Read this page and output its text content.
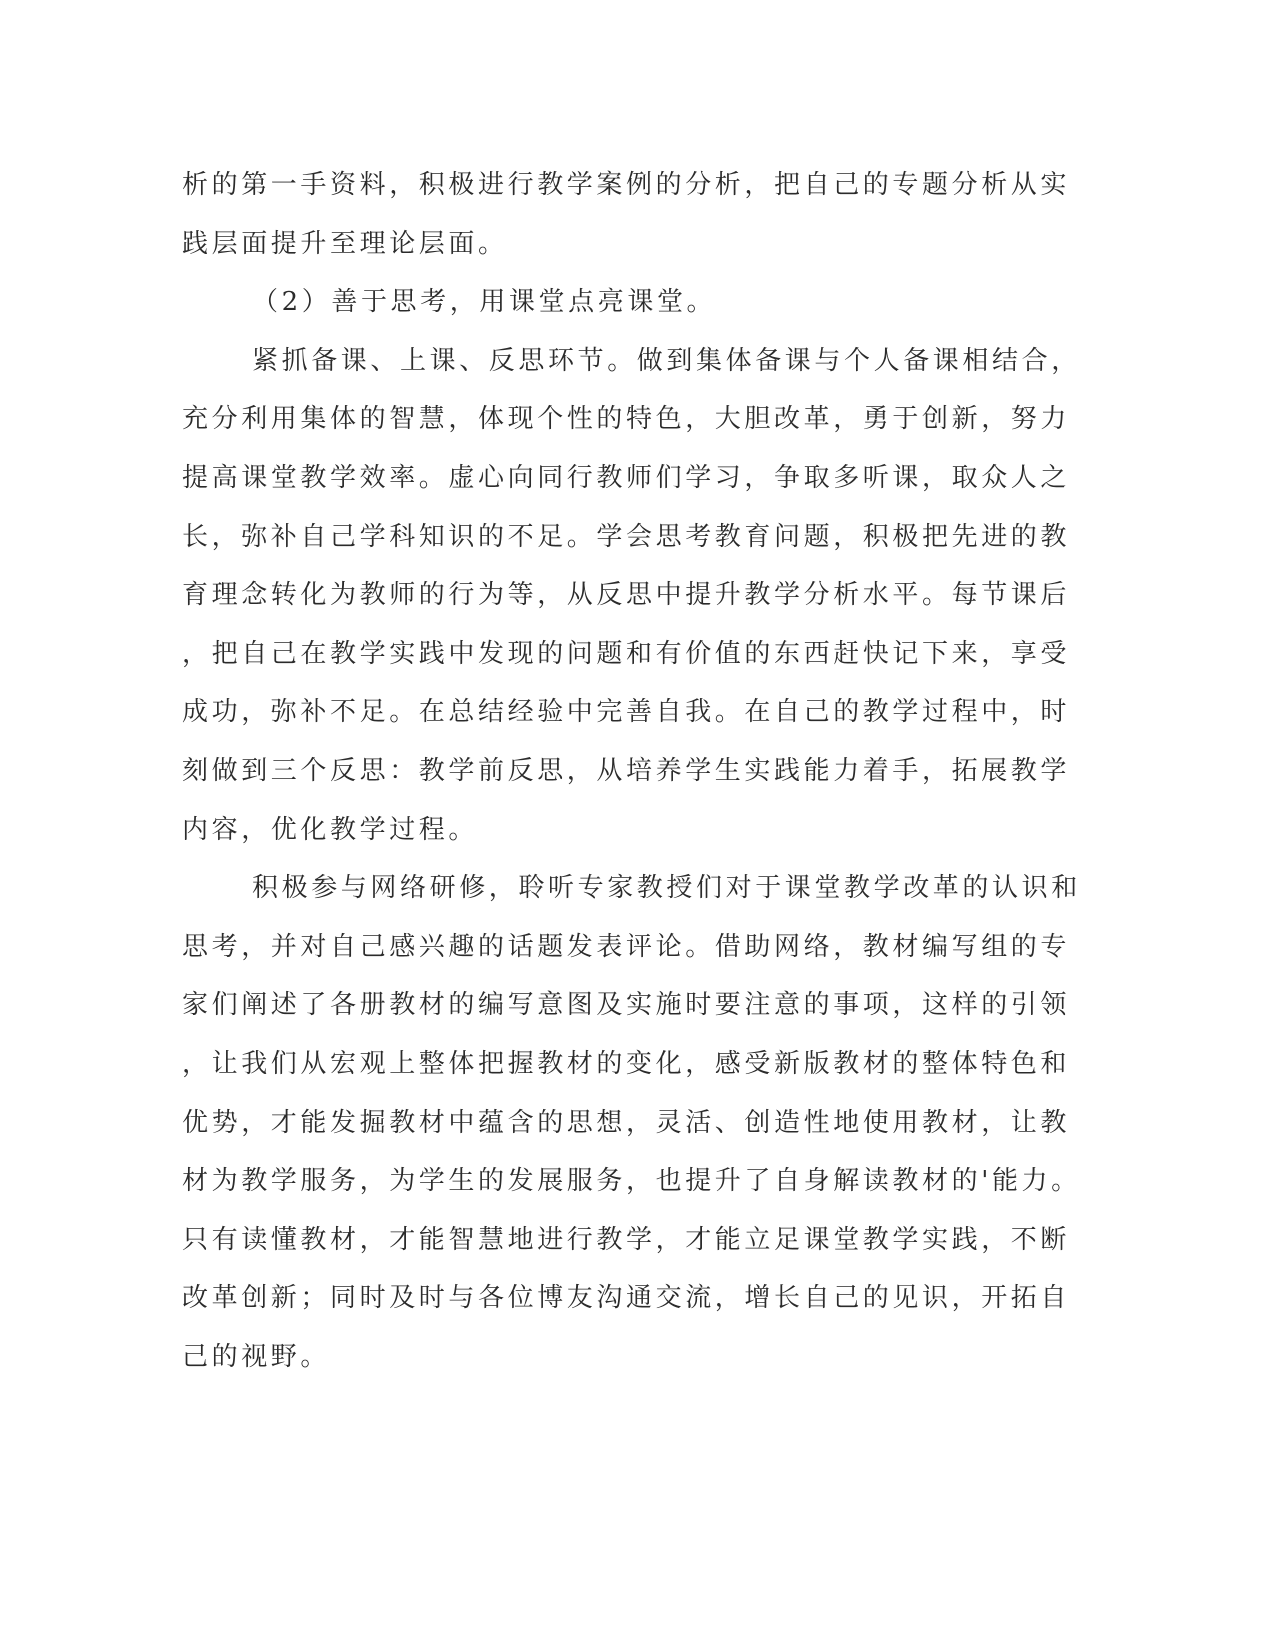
析的第一手资料，积极进行教学案例的分析，把自己的专题分析从实
践层面提升至理论层面。
（2）善于思考，用课堂点亮课堂。
紧抓备课、上课、反思环节。做到集体备课与个人备课相结合，
充分利用集体的智慧，体现个性的特色，大胆改革，勇于创新，努力
提高课堂教学效率。虚心向同行教师们学习，争取多听课，取众人之
长，弥补自己学科知识的不足。学会思考教育问题，积极把先进的教
育理念转化为教师的行为等，从反思中提升教学分析水平。每节课后
，把自己在教学实践中发现的问题和有价值的东西赶快记下来，享受
成功，弥补不足。在总结经验中完善自我。在自己的教学过程中，时
刻做到三个反思：教学前反思，从培养学生实践能力着手，拓展教学
内容，优化教学过程。
积极参与网络研修，聆听专家教授们对于课堂教学改革的认识和
思考，并对自己感兴趣的话题发表评论。借助网络，教材编写组的专
家们阐述了各册教材的编写意图及实施时要注意的事项，这样的引领
，让我们从宏观上整体把握教材的变化，感受新版教材的整体特色和
优势，才能发掘教材中蕴含的思想，灵活、创造性地使用教材，让教
材为教学服务，为学生的发展服务，也提升了自身解读教材的'能力。
只有读懂教材，才能智慧地进行教学，才能立足课堂教学实践，不断
改革创新；同时及时与各位博友沟通交流，增长自己的见识，开拓自
己的视野。
